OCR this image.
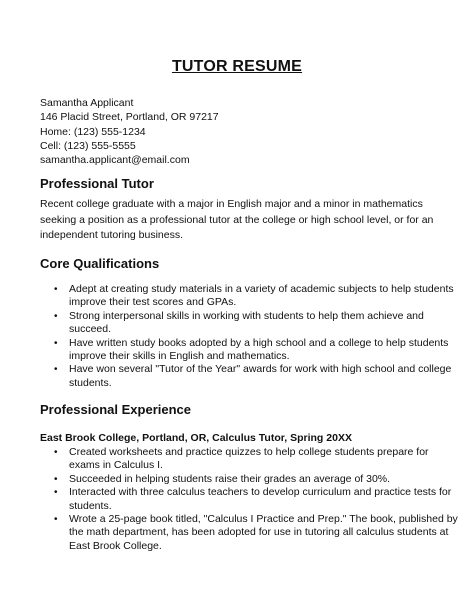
TUTOR RESUME
Samantha Applicant
146 Placid Street, Portland, OR 97217
Home: (123) 555-1234
Cell: (123) 555-5555
samantha.applicant@email.com
Professional Tutor
Recent college graduate with a major in English major and a minor in mathematics seeking a position as a professional tutor at the college or high school level, or for an independent tutoring business.
Core Qualifications
• Adept at creating study materials in a variety of academic subjects to help students improve their test scores and GPAs.
• Strong interpersonal skills in working with students to help them achieve and succeed.
• Have written study books adopted by a high school and a college to help students improve their skills in English and mathematics.
• Have won several "Tutor of the Year" awards for work with high school and college students.
Professional Experience
East Brook College, Portland, OR, Calculus Tutor, Spring 20XX
• Created worksheets and practice quizzes to help college students prepare for exams in Calculus I.
• Succeeded in helping students raise their grades an average of 30%.
• Interacted with three calculus teachers to develop curriculum and practice tests for students.
• Wrote a 25-page book titled, "Calculus I Practice and Prep." The book, published by the math department, has been adopted for use in tutoring all calculus students at East Brook College.
